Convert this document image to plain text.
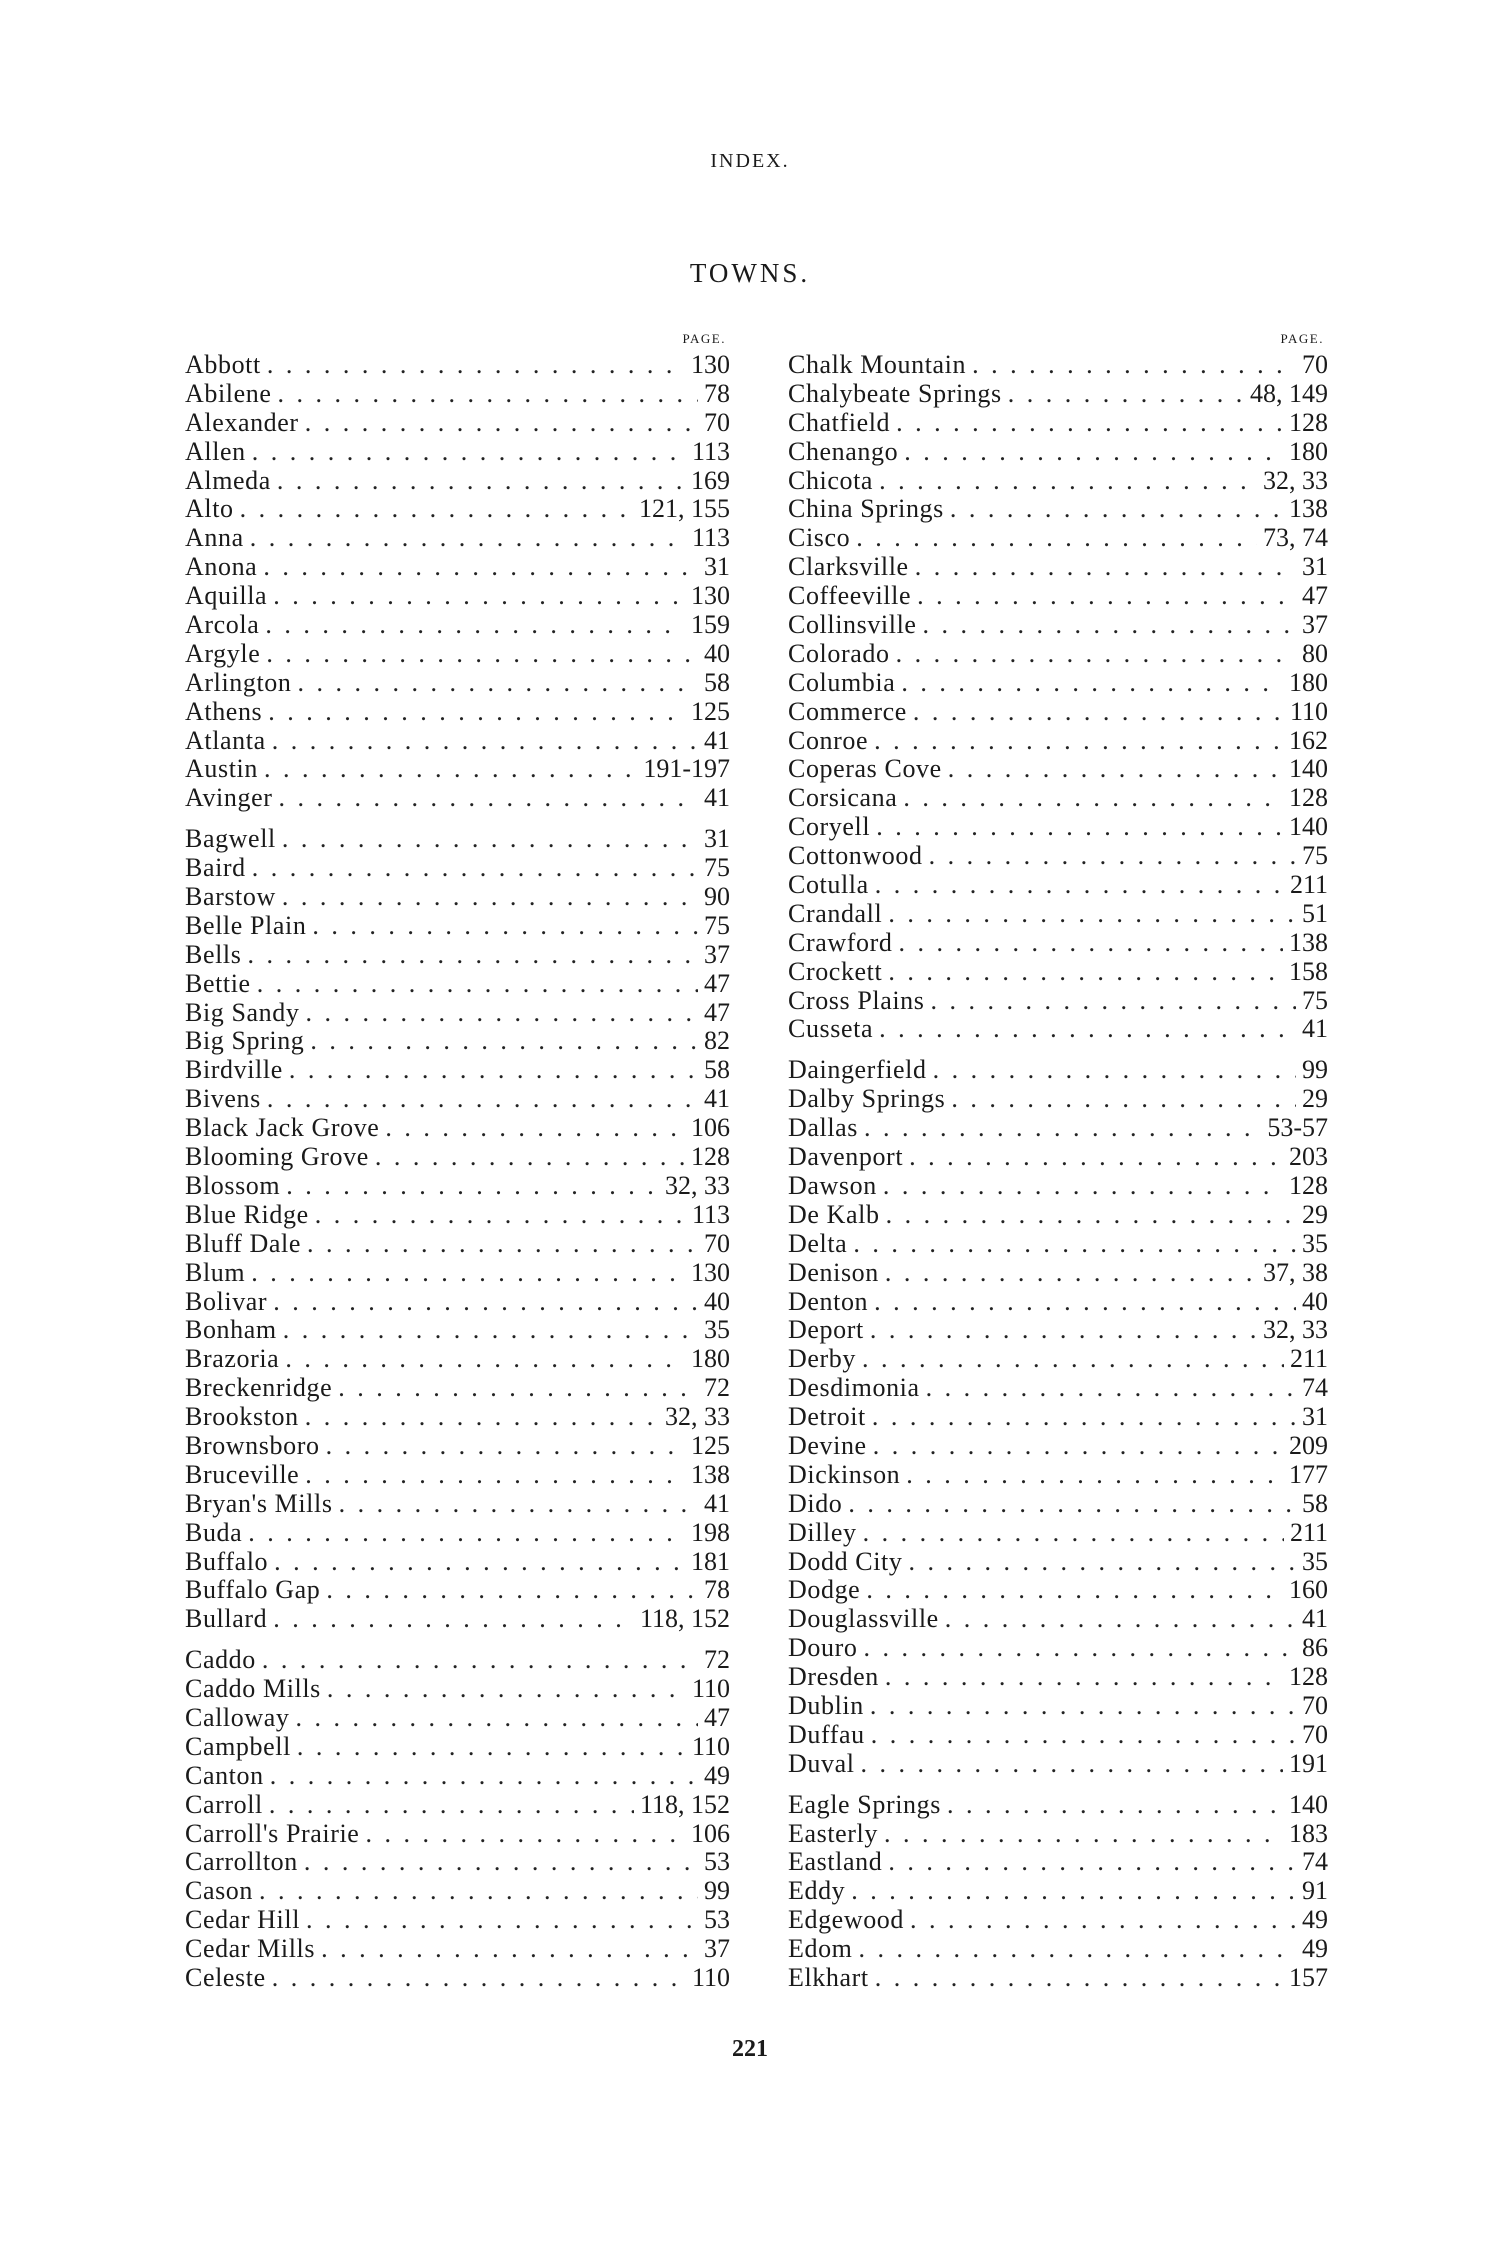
INDEX.
TOWNS.
PAGE.
Abbott . . .	130
Abilene . . .	78
Alexander . . .	70
Allen . . .	113
Almeda . . .	169
Alto . . .	121, 155
Anna . . .	113
Anona . . .	31
Aquilla . . .	130
Arcola . . .	159
Argyle . . .	40
Arlington . . .	58
Athens . . .	125
Atlanta . . .	41
Austin . . .	191-197
Avinger . . .	41
Bagwell . . .	31
Baird . . .	75
Barstow . . .	90
Belle Plain . . .	75
Bells . . .	37
Bettie . . .	47
Big Sandy . . .	47
Big Spring . . .	82
Birdville . . .	58
Bivens . . .	41
Black Jack Grove . . .	106
Blooming Grove . . .	128
Blossom . . .	32, 33
Blue Ridge . . .	113
Bluff Dale . . .	70
Blum . . .	130
Bolivar . . .	40
Bonham . . .	35
Brazoria . . .	180
Breckenridge . . .	72
Brookston . . .	32, 33
Brownsboro . . .	125
Bruceville . . .	138
Bryan's Mills . . .	41
Buda . . .	198
Buffalo . . .	181
Buffalo Gap . . .	78
Bullard . . .	118, 152
Caddo . . .	72
Caddo Mills . . .	110
Calloway . . .	47
Campbell . . .	110
Canton . . .	49
Carroll . . .	118, 152
Carroll's Prairie . . .	106
Carrollton . . .	53
Cason . . .	99
Cedar Hill . . .	53
Cedar Mills . . .	37
Celeste . . .	110
PAGE.
Chalk Mountain . . .	70
Chalybeate Springs . . .	48, 149
Chatfield . . .	128
Chenango . . .	180
Chicota . . .	32, 33
China Springs . . .	138
Cisco . . .	73, 74
Clarksville . . .	31
Coffeeville . . .	47
Collinsville . . .	37
Colorado . . .	80
Columbia . . .	180
Commerce . . .	110
Conroe . . .	162
Coperas Cove . . .	140
Corsicana . . .	128
Coryell . . .	140
Cottonwood . . .	75
Cotulla . . .	211
Crandall . . .	51
Crawford . . .	138
Crockett . . .	158
Cross Plains . . .	75
Cusseta . . .	41
Daingerfield . . .	99
Dalby Springs . . .	29
Dallas . . .	53-57
Davenport . . .	203
Dawson . . .	128
De Kalb . . .	29
Delta . . .	35
Denison . . .	37, 38
Denton . . .	40
Deport . . .	32, 33
Derby . . .	211
Desdimonia . . .	74
Detroit . . .	31
Devine . . .	209
Dickinson . . .	177
Dido . . .	58
Dilley . . .	211
Dodd City . . .	35
Dodge . . .	160
Douglassville . . .	41
Douro . . .	86
Dresden . . .	128
Dublin . . .	70
Duffau . . .	70
Duval . . .	191
Eagle Springs . . .	140
Easterly . . .	183
Eastland . . .	74
Eddy . . .	91
Edgewood . . .	49
Edom . . .	49
Elkhart . . .	157
221
